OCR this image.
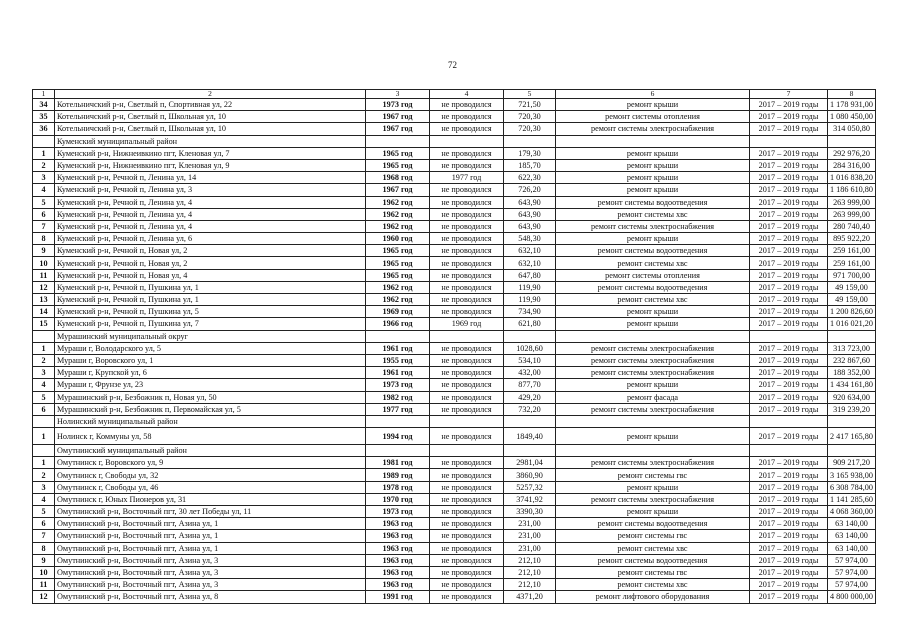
72
1	2	3	4	5	6	7	8
34	Котельничский р-н, Светлый п, Спортивная ул, 22	1973 год	не проводился	721,50	ремонт крыши	2017 – 2019 годы	1 178 931,00
35	Котельничский р-н, Светлый п, Школьная ул, 10	1967 год	не проводился	720,30	ремонт системы отопления	2017 – 2019 годы	1 080 450,00
36	Котельничский р-н, Светлый п, Школьная ул, 10	1967 год	не проводился	720,30	ремонт системы электроснабжения	2017 – 2019 годы	314 050,80
	Куменский муниципальный район						
1	Куменский р-н, Нижнеивкино пгт, Кленовая ул, 7	1965 год	не проводился	179,30	ремонт крыши	2017 – 2019 годы	292 976,20
2	Куменский р-н, Нижнеивкино пгт, Кленовая ул, 9	1965 год	не проводился	185,70	ремонт крыши	2017 – 2019 годы	284 316,00
3	Куменский р-н, Речной п, Ленина ул, 14	1968 год	1977 год	622,30	ремонт крыши	2017 – 2019 годы	1 016 838,20
4	Куменский р-н, Речной п, Ленина ул, 3	1967 год	не проводился	726,20	ремонт крыши	2017 – 2019 годы	1 186 610,80
5	Куменский р-н, Речной п, Ленина ул, 4	1962 год	не проводился	643,90	ремонт системы водоотведения	2017 – 2019 годы	263 999,00
6	Куменский р-н, Речной п, Ленина ул, 4	1962 год	не проводился	643,90	ремонт системы хвс	2017 – 2019 годы	263 999,00
7	Куменский р-н, Речной п, Ленина ул, 4	1962 год	не проводился	643,90	ремонт системы электроснабжения	2017 – 2019 годы	280 740,40
8	Куменский р-н, Речной п, Ленина ул, 6	1960 год	не проводился	548,30	ремонт крыши	2017 – 2019 годы	895 922,20
9	Куменский р-н, Речной п, Новая ул, 2	1965 год	не проводился	632,10	ремонт системы водоотведения	2017 – 2019 годы	259 161,00
10	Куменский р-н, Речной п, Новая ул, 2	1965 год	не проводился	632,10	ремонт системы хвс	2017 – 2019 годы	259 161,00
11	Куменский р-н, Речной п, Новая ул, 4	1965 год	не проводился	647,80	ремонт системы отопления	2017 – 2019 годы	971 700,00
12	Куменский р-н, Речной п, Пушкина ул, 1	1962 год	не проводился	119,90	ремонт системы водоотведения	2017 – 2019 годы	49 159,00
13	Куменский р-н, Речной п, Пушкина ул, 1	1962 год	не проводился	119,90	ремонт системы хвс	2017 – 2019 годы	49 159,00
14	Куменский р-н, Речной п, Пушкина ул, 5	1969 год	не проводился	734,90	ремонт крыши	2017 – 2019 годы	1 200 826,60
15	Куменский р-н, Речной п, Пушкина ул, 7	1966 год	1969 год	621,80	ремонт крыши	2017 – 2019 годы	1 016 021,20
	Мурашинский муниципальный округ						
1	Мураши г, Володарского ул, 5	1961 год	не проводился	1028,60	ремонт системы электроснабжения	2017 – 2019 годы	313 723,00
2	Мураши г, Воровского ул, 1	1955 год	не проводился	534,10	ремонт системы электроснабжения	2017 – 2019 годы	232 867,60
3	Мураши г, Крупской ул, 6	1961 год	не проводился	432,00	ремонт системы электроснабжения	2017 – 2019 годы	188 352,00
4	Мураши г, Фрунзе ул, 23	1973 год	не проводился	877,70	ремонт крыши	2017 – 2019 годы	1 434 161,80
5	Мурашинский р-н, Безбожник п, Новая ул, 50	1982 год	не проводился	429,20	ремонт фасада	2017 – 2019 годы	920 634,00
6	Мурашинский р-н, Безбожник п, Первомайская ул, 5	1977 год	не проводился	732,20	ремонт системы электроснабжения	2017 – 2019 годы	319 239,20
	Нолинский муниципальный район						
1	Нолинск г, Коммуны ул, 58	1994 год	не проводился	1849,40	ремонт крыши	2017 – 2019 годы	2 417 165,80
	Омутнинский муниципальный район						
1	Омутнинск г, Воровского ул, 9	1981 год	не проводился	2981,04	ремонт системы электроснабжения	2017 – 2019 годы	909 217,20
2	Омутнинск г, Свободы ул, 32	1989 год	не проводился	3860,90	ремонт системы гвс	2017 – 2019 годы	3 165 938,00
3	Омутнинск г, Свободы ул, 46	1978 год	не проводился	5257,32	ремонт крыши	2017 – 2019 годы	6 308 784,00
4	Омутнинск г, Юных Пионеров ул, 31	1970 год	не проводился	3741,92	ремонт системы электроснабжения	2017 – 2019 годы	1 141 285,60
5	Омутнинский р-н, Восточный пгт, 30 лет Победы ул, 11	1973 год	не проводился	3390,30	ремонт крыши	2017 – 2019 годы	4 068 360,00
6	Омутнинский р-н, Восточный пгт, Азина ул, 1	1963 год	не проводился	231,00	ремонт системы водоотведения	2017 – 2019 годы	63 140,00
7	Омутнинский р-н, Восточный пгт, Азина ул, 1	1963 год	не проводился	231,00	ремонт системы гвс	2017 – 2019 годы	63 140,00
8	Омутнинский р-н, Восточный пгт, Азина ул, 1	1963 год	не проводился	231,00	ремонт системы хвс	2017 – 2019 годы	63 140,00
9	Омутнинский р-н, Восточный пгт, Азина ул, 3	1963 год	не проводился	212,10	ремонт системы водоотведения	2017 – 2019 годы	57 974,00
10	Омутнинский р-н, Восточный пгт, Азина ул, 3	1963 год	не проводился	212,10	ремонт системы гвс	2017 – 2019 годы	57 974,00
11	Омутнинский р-н, Восточный пгт, Азина ул, 3	1963 год	не проводился	212,10	ремонт системы хвс	2017 – 2019 годы	57 974,00
12	Омутнинский р-н, Восточный пгт, Азина ул, 8	1991 год	не проводился	4371,20	ремонт лифтового оборудования	2017 – 2019 годы	4 800 000,00
